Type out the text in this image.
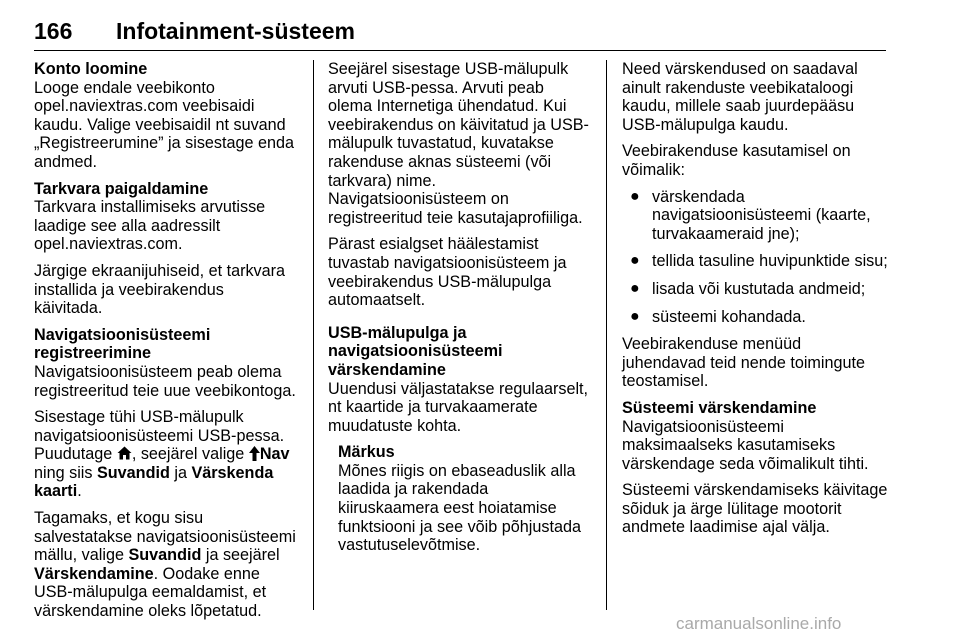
166 Infotainment-süsteem

Konto loomine

Looge endale veebikonto opel.naviextras.com veebisaidi kaudu. Valige veebisaidil nt suvand „Registreerumine” ja sisestage enda andmed.

Tarkvara paigaldamine

Tarkvara installimiseks arvutisse laadige see alla aadressilt opel.naviextras.com.

Järgige ekraanijuhiseid, et tarkvara installida ja veebirakendus käivitada.

Navigatsioonisüsteemi
registreerimine

Navigatsioonisüsteem peab olema registreeritud teie uue veebikontoga.

Sisestage tühi USB-mälupulk navigatsioonisüsteemi USB-pessa. Puudutage , seejärel valige Nav ning siis Suvandid ja Värskenda kaarti.

Tagamaks, et kogu sisu salvestatakse navigatsioonisüsteemi mällu, valige Suvandid ja seejärel Värskendamine. Oodake enne USB-mälupulga eemaldamist, et värskendamine oleks lõpetatud.

Seejärel sisestage USB-mälupulk arvuti USB-pessa. Arvuti peab olema Internetiga ühendatud. Kui veebirakendus on käivitatud ja USB-mälupulk tuvastatud, kuvatakse rakenduse aknas süsteemi (või tarkvara) nime.

Navigatsioonisüsteem on registreeritud teie kasutajaprofiiliga.

Pärast esialgset häälestamist tuvastab navigatsioonisüsteem ja veebirakendus USB-mälupulga automaatselt.

USB-mälupulga ja
navigatsioonisüsteemi
värskendamine

Uuendusi väljastatakse regulaarselt, nt kaartide ja turvakaamerate muudatuste kohta.

Märkus

Mõnes riigis on ebaseaduslik alla laadida ja rakendada kiiruskaamera eest hoiatamise funktsiooni ja see võib põhjustada vastutuselevõtmise.

Need värskendused on saadaval ainult rakenduste veebikataloogi kaudu, millele saab juurdepääsu USB-mälupulga kaudu.

Veebirakenduse kasutamisel on võimalik:

● värskendada navigatsioonisüsteemi (kaarte, turvakaameraid jne);
● tellida tasuline huvipunktide sisu;
● lisada või kustutada andmeid;
● süsteemi kohandada.

Veebirakenduse menüüd juhendavad teid nende toimingute teostamisel.

Süsteemi värskendamine

Navigatsioonisüsteemi maksimaalseks kasutamiseks värskendage seda võimalikult tihti.

Süsteemi värskendamiseks käivitage sõiduk ja ärge lülitage mootorit andmete laadimise ajal välja.

carmanualsonline.info
